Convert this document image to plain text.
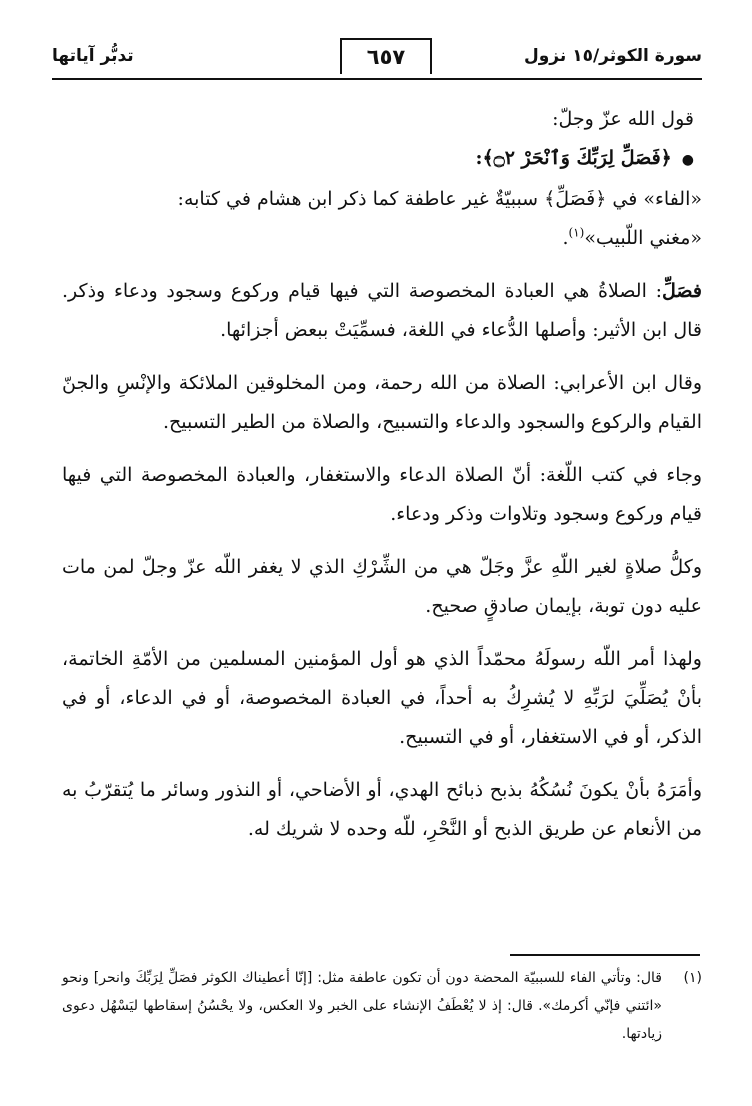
سورة الكوثر/١٥ نزول
٦٥٧
تدبُّر آياتها

قول الله عزّ وجلّ:

●﴿فَصَلِّ لِرَبِّكَ وَٱنْحَرْ ۝٢﴾:

«الفاء» في ﴿فَصَلِّ﴾ سببيّةٌ غير عاطفة كما ذكر ابن هشام في كتابه:
«مغني اللّبيب»$^{(١)}$.

فصَلِّ: الصلاةُ هي العبادة المخصوصة التي فيها قيام وركوع وسجود ودعاء وذكر. قال ابن الأثير: وأصلها الدُّعاء في اللغة، فسمِّيَتْ ببعض أجزائها.

وقال ابن الأعرابي: الصلاة من الله رحمة، ومن المخلوقين الملائكة والإنْسِ والجنّ القيام والركوع والسجود والدعاء والتسبيح، والصلاة من الطير التسبيح.

وجاء في كتب اللّغة: أنّ الصلاة الدعاء والاستغفار، والعبادة المخصوصة التي فيها قيام وركوع وسجود وتلاوات وذكر ودعاء.

وكلُّ صلاةٍ لغير اللّهِ عزَّ وجَلّ هي من الشِّرْكِ الذي لا يغفر اللّه عزّ وجلّ لمن مات عليه دون توبة، بإيمان صادقٍ صحيح.

ولهذا أمر اللّه رسولَهُ محمّداً الذي هو أول المؤمنين المسلمين من الأمّةِ الخاتمة، بأنْ يُصَلِّيَ لرَبِّهِ لا يُشرِكُ به أحداً، في العبادة المخصوصة، أو في الدعاء، أو في الذكر، أو في الاستغفار، أو في التسبيح.

وأمَرَهُ بأنْ يكونَ نُسُكُهُ بذبح ذبائح الهدي، أو الأضاحي، أو النذور وسائر ما يُتقرّبُ به من الأنعام عن طريق الذبح أو النَّحْرِ، للّه وحده لا شريك له.

(١)
قال: وتأتي الفاء للسببيّة المحضة دون أن تكون عاطفة مثل: [إنّا أعطيناك الكوثر فصَلِّ لِرَبِّكَ وانحر] ونحو «ائتني فإنّي أكرمك». قال: إذ لا يُعْطَفُ الإنشاء على الخبر ولا العكس، ولا يحْسُنُ إسقاطها ليَسْهُل دعوى زيادتها.
